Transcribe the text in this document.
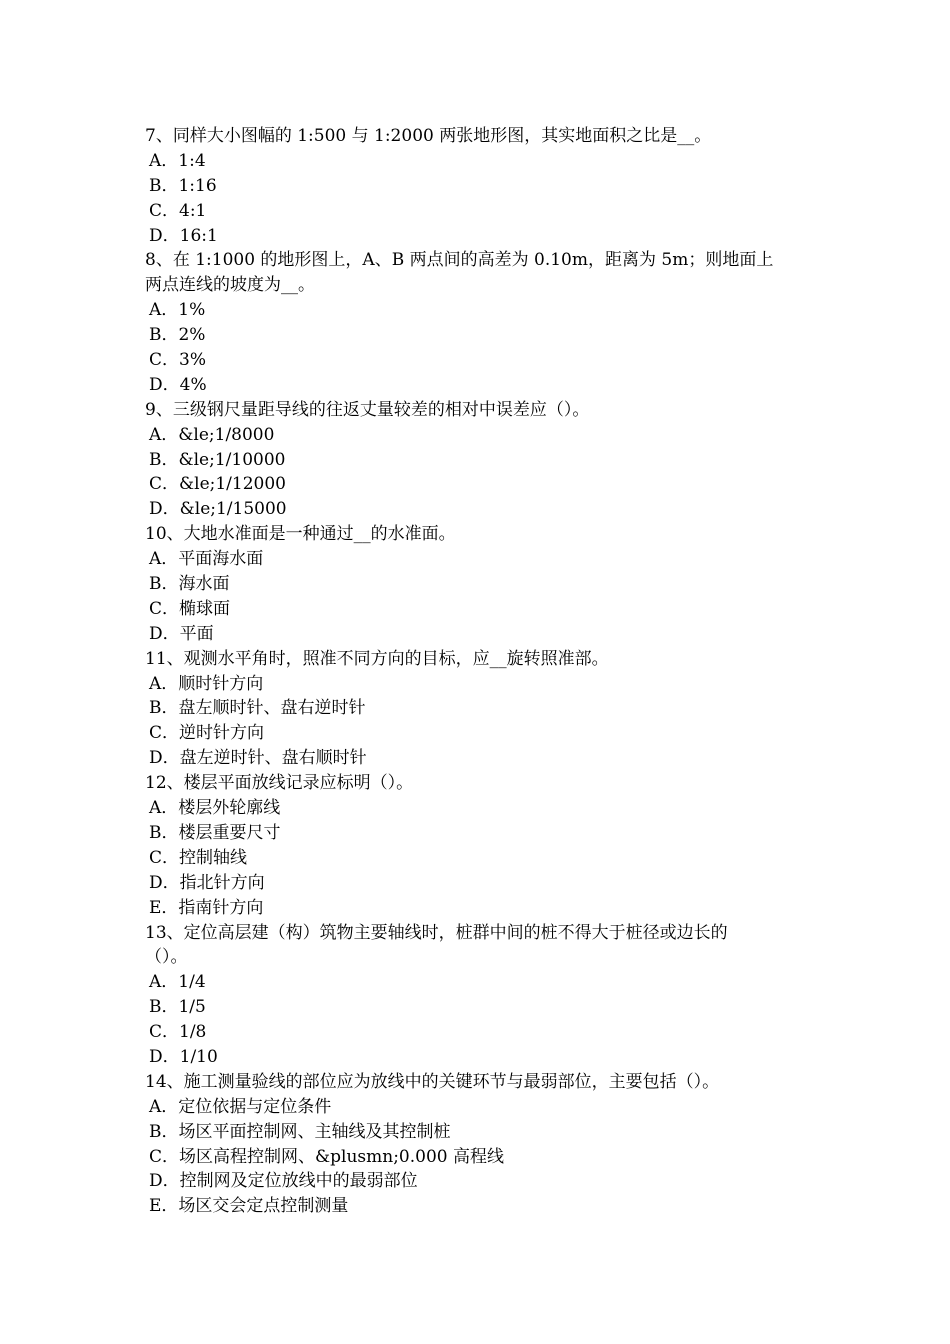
7、同样大小图幅的 1:500 与 1:2000 两张地形图，其实地面积之比是__。
A．1:4
B．1:16
C．4:1
D．16:1
8、在 1:1000 的地形图上，A、B 两点间的高差为 0.10m，距离为 5m；则地面上
两点连线的坡度为__。
A．1%
B．2%
C．3%
D．4%
9、三级钢尺量距导线的往返丈量较差的相对中误差应（）。
A．&le;1/8000
B．&le;1/10000
C．&le;1/12000
D．&le;1/15000
10、大地水准面是一种通过__的水准面。
A．平面海水面
B．海水面
C．椭球面
D．平面
11、观测水平角时，照准不同方向的目标，应__旋转照准部。
A．顺时针方向
B．盘左顺时针、盘右逆时针
C．逆时针方向
D．盘左逆时针、盘右顺时针
12、楼层平面放线记录应标明（）。
A．楼层外轮廓线
B．楼层重要尺寸
C．控制轴线
D．指北针方向
E．指南针方向
13、定位高层建（构）筑物主要轴线时，桩群中间的桩不得大于桩径或边长的
（）。
A．1/4
B．1/5
C．1/8
D．1/10
14、施工测量验线的部位应为放线中的关键环节与最弱部位，主要包括（）。
A．定位依据与定位条件
B．场区平面控制网、主轴线及其控制桩
C．场区高程控制网、&plusmn;0.000 高程线
D．控制网及定位放线中的最弱部位
E．场区交会定点控制测量
